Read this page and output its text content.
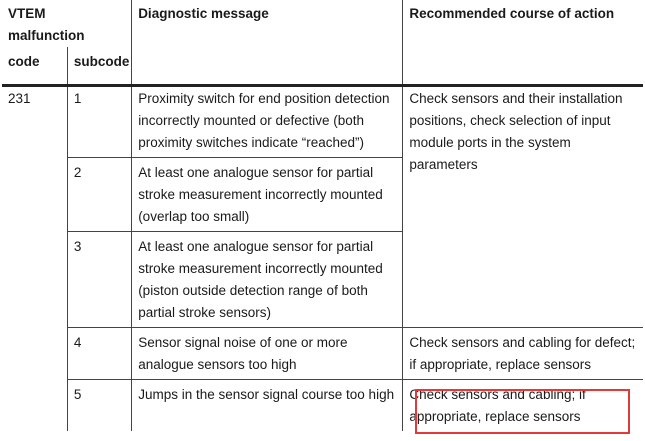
VTEM malfunction		Diagnostic message	Recommended course of action
code	subcode		
231	1	Proximity switch for end position detection incorrectly mounted or defective (both proximity switches indicate “reached”)	Check sensors and their installation positions, check selection of input module ports in the system parameters
	2	At least one analogue sensor for partial stroke measurement incorrectly mounted (overlap too small)	
	3	At least one analogue sensor for partial stroke measurement incorrectly mounted (piston outside detection range of both partial stroke sensors)	
	4	Sensor signal noise of one or more analogue sensors too high	Check sensors and cabling for defect; if appropriate, replace sensors
	5	Jumps in the sensor signal course too high	Check sensors and cabling; if appropriate, replace sensors
